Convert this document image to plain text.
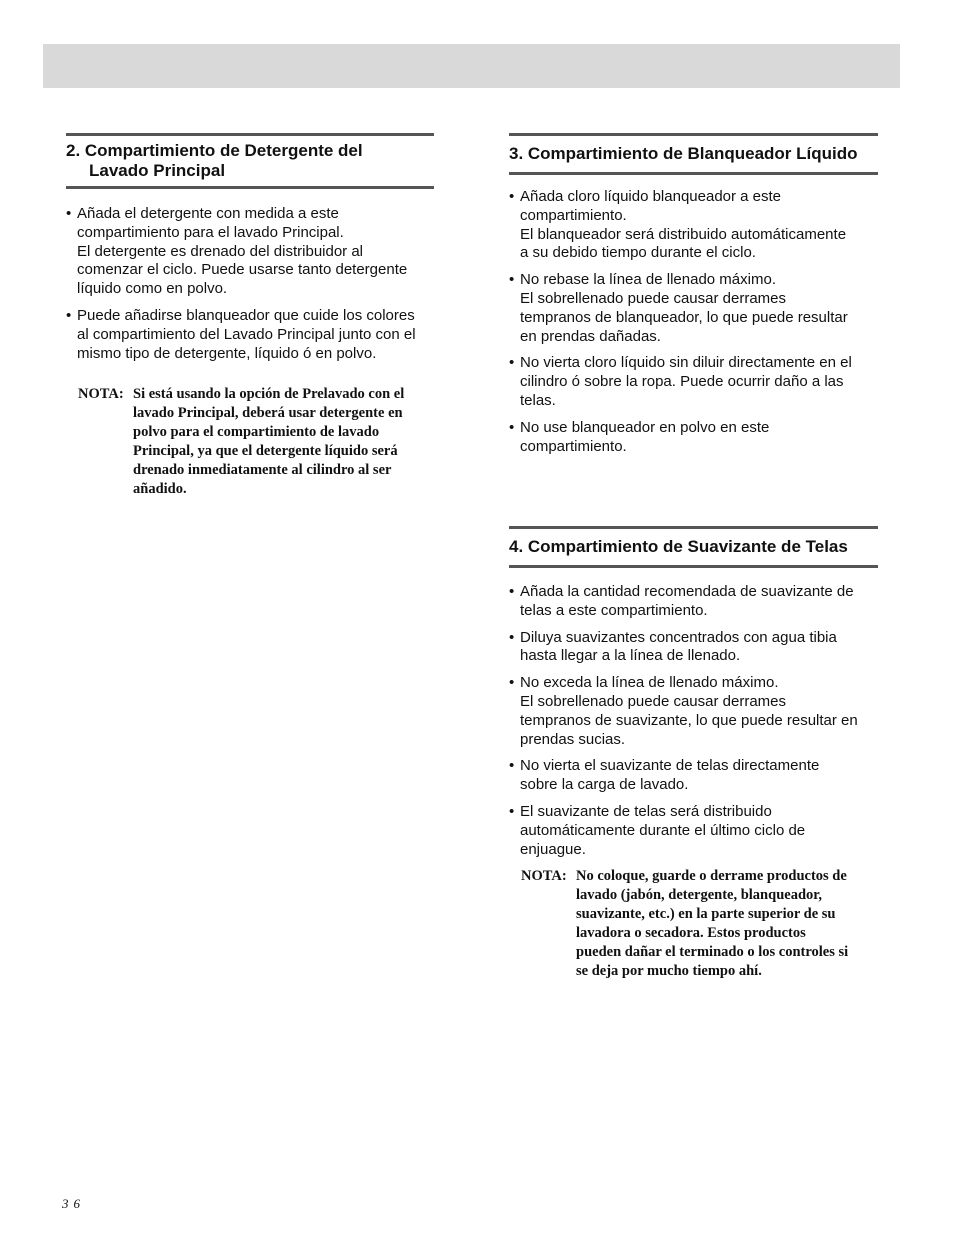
2. Compartimiento de Detergente del
Lavado Principal
• Añada el detergente con medida a este
compartimiento para el lavado Principal.
El detergente es drenado del distribuidor al
comenzar el ciclo. Puede usarse tanto detergente
líquido como en polvo.
• Puede añadirse blanqueador que cuide los colores
al compartimiento del Lavado Principal junto con el
mismo tipo de detergente, líquido ó en polvo.
NOTA: Si está usando la opción de Prelavado con el
lavado Principal, deberá usar detergente en
polvo para el compartimiento de lavado
Principal, ya que el detergente líquido será
drenado inmediatamente al cilindro al ser
añadido.
3. Compartimiento de Blanqueador Líquido
• Añada cloro líquido blanqueador a este
compartimiento.
El blanqueador será distribuido automáticamente
a su debido tiempo durante el ciclo.
• No rebase la línea de llenado máximo.
El sobrellenado puede causar derrames
tempranos de blanqueador, lo que puede resultar
en prendas dañadas.
• No vierta cloro líquido sin diluir directamente en el
cilindro ó sobre la ropa. Puede ocurrir daño a las
telas.
• No use blanqueador en polvo en este
compartimiento.
4. Compartimiento de Suavizante de Telas
• Añada la cantidad recomendada de suavizante de
telas a este compartimiento.
• Diluya suavizantes concentrados con agua tibia
hasta llegar a la línea de llenado.
• No exceda la línea de llenado máximo.
El sobrellenado puede causar derrames
tempranos de suavizante, lo que puede resultar en
prendas sucias.
• No vierta el suavizante de telas directamente
sobre la carga de lavado.
• El suavizante de telas será distribuido
automáticamente durante el último ciclo de
enjuague.
NOTA: No coloque, guarde o derrame productos de
lavado (jabón, detergente, blanqueador,
suavizante, etc.) en la parte superior de su
lavadora o secadora. Estos productos
pueden dañar el terminado o los controles si
se deja por mucho tiempo ahí.
36
